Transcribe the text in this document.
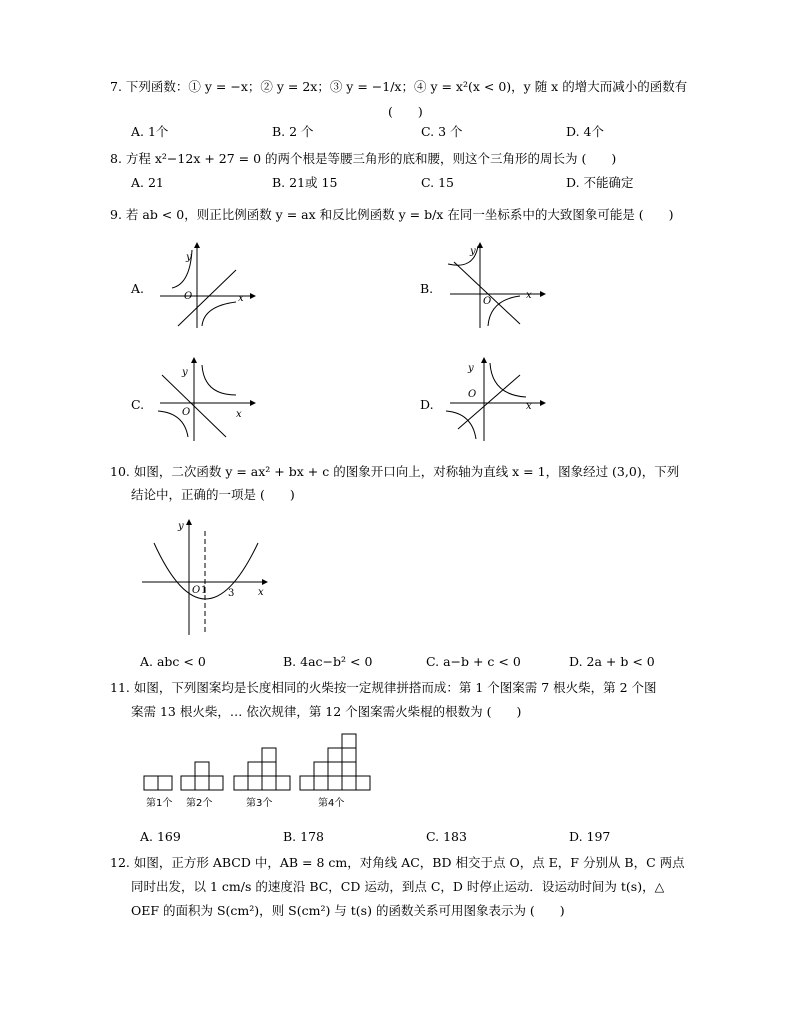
7. 下列函数：① y = −x；② y = 2x；③ y = −1/x；④ y = x²(x < 0)，y 随 x 的增大而减小的函数有
(　　)
A. 1个	B. 2 个	C. 3 个	D. 4个
8. 方程 x²−12x + 27 = 0 的两个根是等腰三角形的底和腰，则这个三角形的周长为 (　　)
A. 21	B. 21或 15	C. 15	D. 不能确定
9. 若 ab < 0，则正比例函数 y = ax 和反比例函数 y = b/x 在同一坐标系中的大致图象可能是 (　　)
A.	B.
C.	D.
O	x
y
O
x
y
O	x
y
O
x
y
10. 如图，二次函数 y = ax² + bx + c 的图象开口向上，对称轴为直线 x = 1，图象经过 (3,0)，下列
结论中，正确的一项是 (　　)
O 1 3 x
y
A. abc < 0	B. 4ac−b² < 0	C. a−b + c < 0	D. 2a + b < 0
11. 如图，下列图案均是长度相同的火柴按一定规律拼搭而成：第 1 个图案需 7 根火柴，第 2 个图
案需 13 根火柴，… 依次规律，第 12 个图案需火柴棍的根数为 (　　)
第1个 第2个	第3个	第4个
A. 169	B. 178	C. 183	D. 197
12. 如图，正方形 ABCD 中，AB = 8 cm，对角线 AC，BD 相交于点 O，点 E，F 分别从 B，C 两点
同时出发，以 1 cm/s 的速度沿 BC，CD 运动，到点 C，D 时停止运动．设运动时间为 t(s)，△
OEF 的面积为 S(cm²)，则 S(cm²) 与 t(s) 的函数关系可用图象表示为 (　　)
